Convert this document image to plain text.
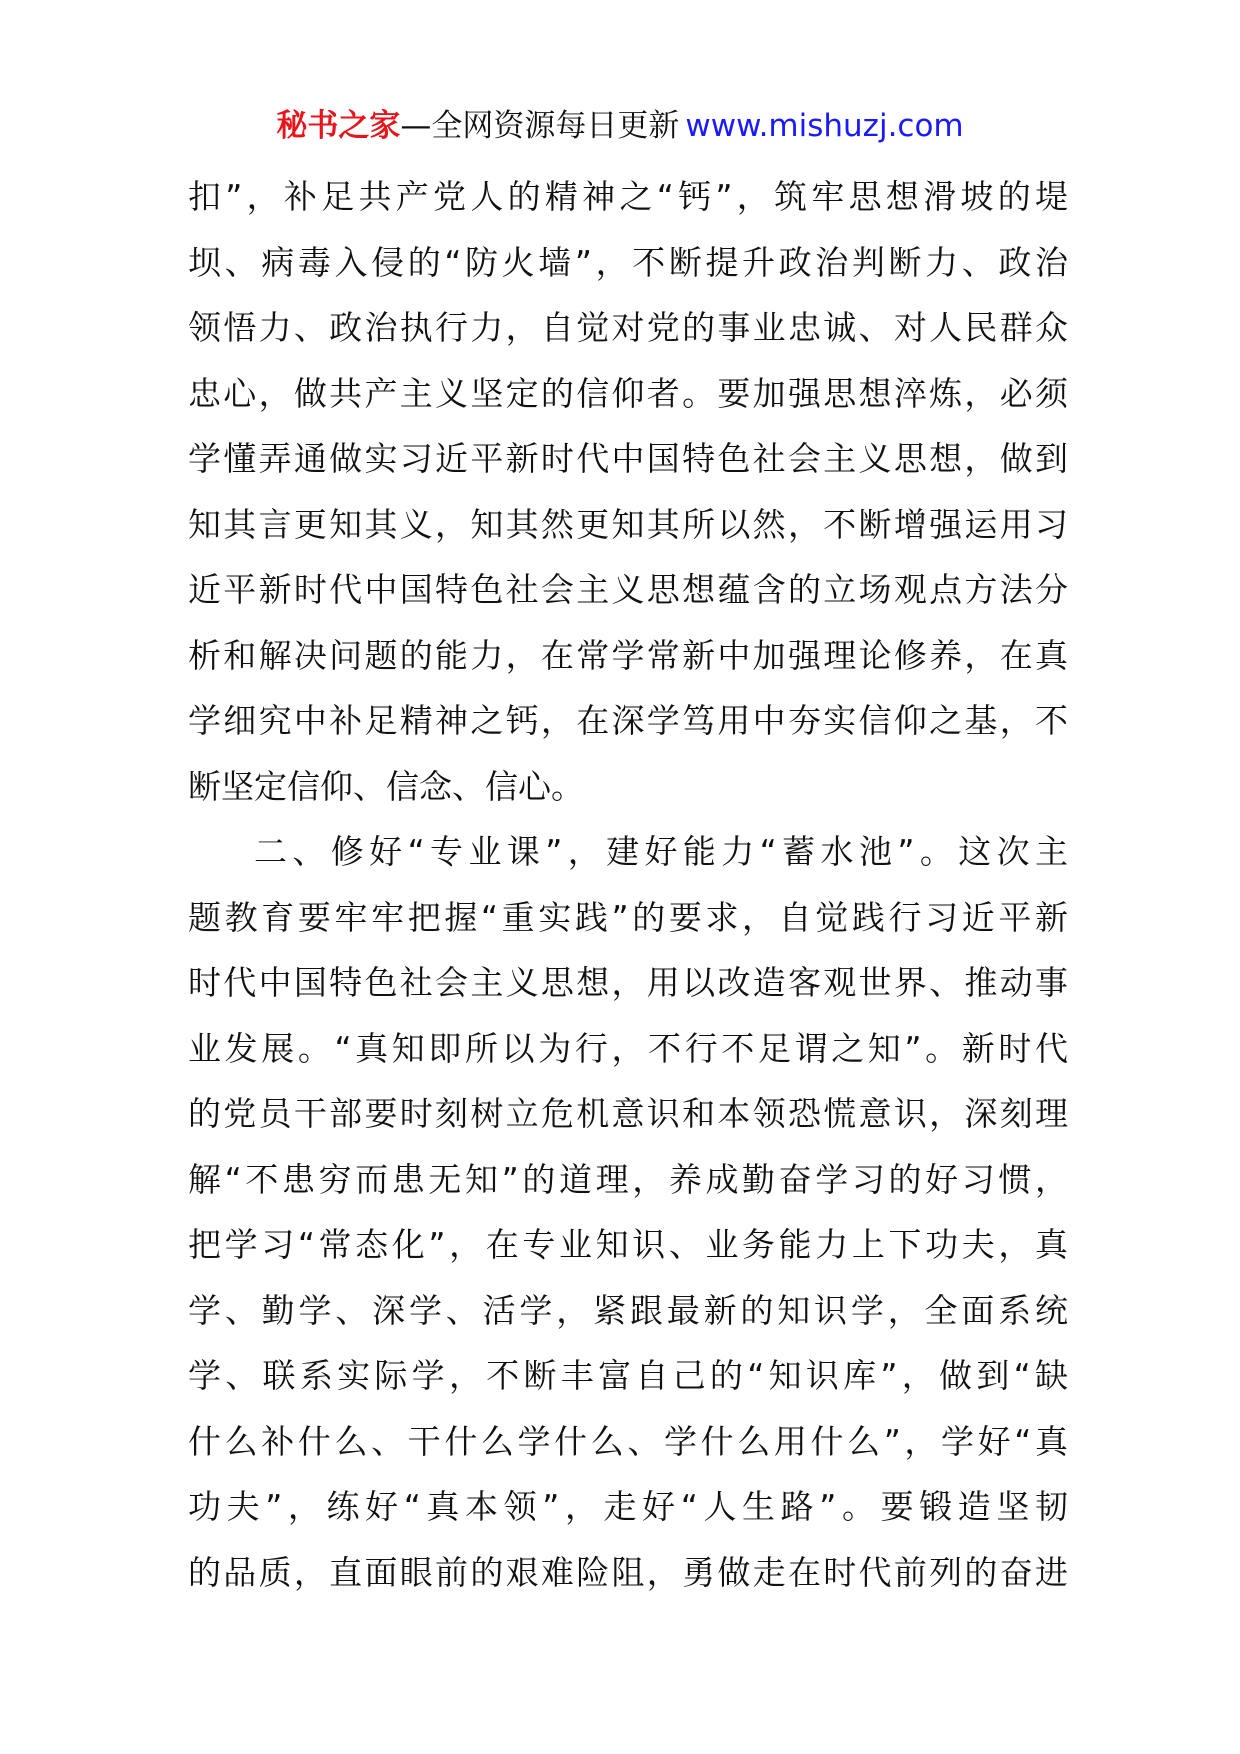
秘书之家—全网资源每日更新 www.mishuzj.com
扣”，补足共产党人的精神之“钙”，筑牢思想滑坡的堤
坝、病毒入侵的“防火墙”，不断提升政治判断力、政治
领悟力、政治执行力，自觉对党的事业忠诚、对人民群众
忠心，做共产主义坚定的信仰者。要加强思想淬炼，必须
学懂弄通做实习近平新时代中国特色社会主义思想，做到
知其言更知其义，知其然更知其所以然，不断增强运用习
近平新时代中国特色社会主义思想蕴含的立场观点方法分
析和解决问题的能力，在常学常新中加强理论修养，在真
学细究中补足精神之钙，在深学笃用中夯实信仰之基，不
断坚定信仰、信念、信心。
二、修好“专业课”，建好能力“蓄水池”。这次主
题教育要牢牢把握“重实践”的要求，自觉践行习近平新
时代中国特色社会主义思想，用以改造客观世界、推动事
业发展。“真知即所以为行，不行不足谓之知”。新时代
的党员干部要时刻树立危机意识和本领恐慌意识，深刻理
解“不患穷而患无知”的道理，养成勤奋学习的好习惯，
把学习“常态化”，在专业知识、业务能力上下功夫，真
学、勤学、深学、活学，紧跟最新的知识学，全面系统
学、联系实际学，不断丰富自己的“知识库”，做到“缺
什么补什么、干什么学什么、学什么用什么”，学好“真
功夫”，练好“真本领”，走好“人生路”。要锻造坚韧
的品质，直面眼前的艰难险阻，勇做走在时代前列的奋进
